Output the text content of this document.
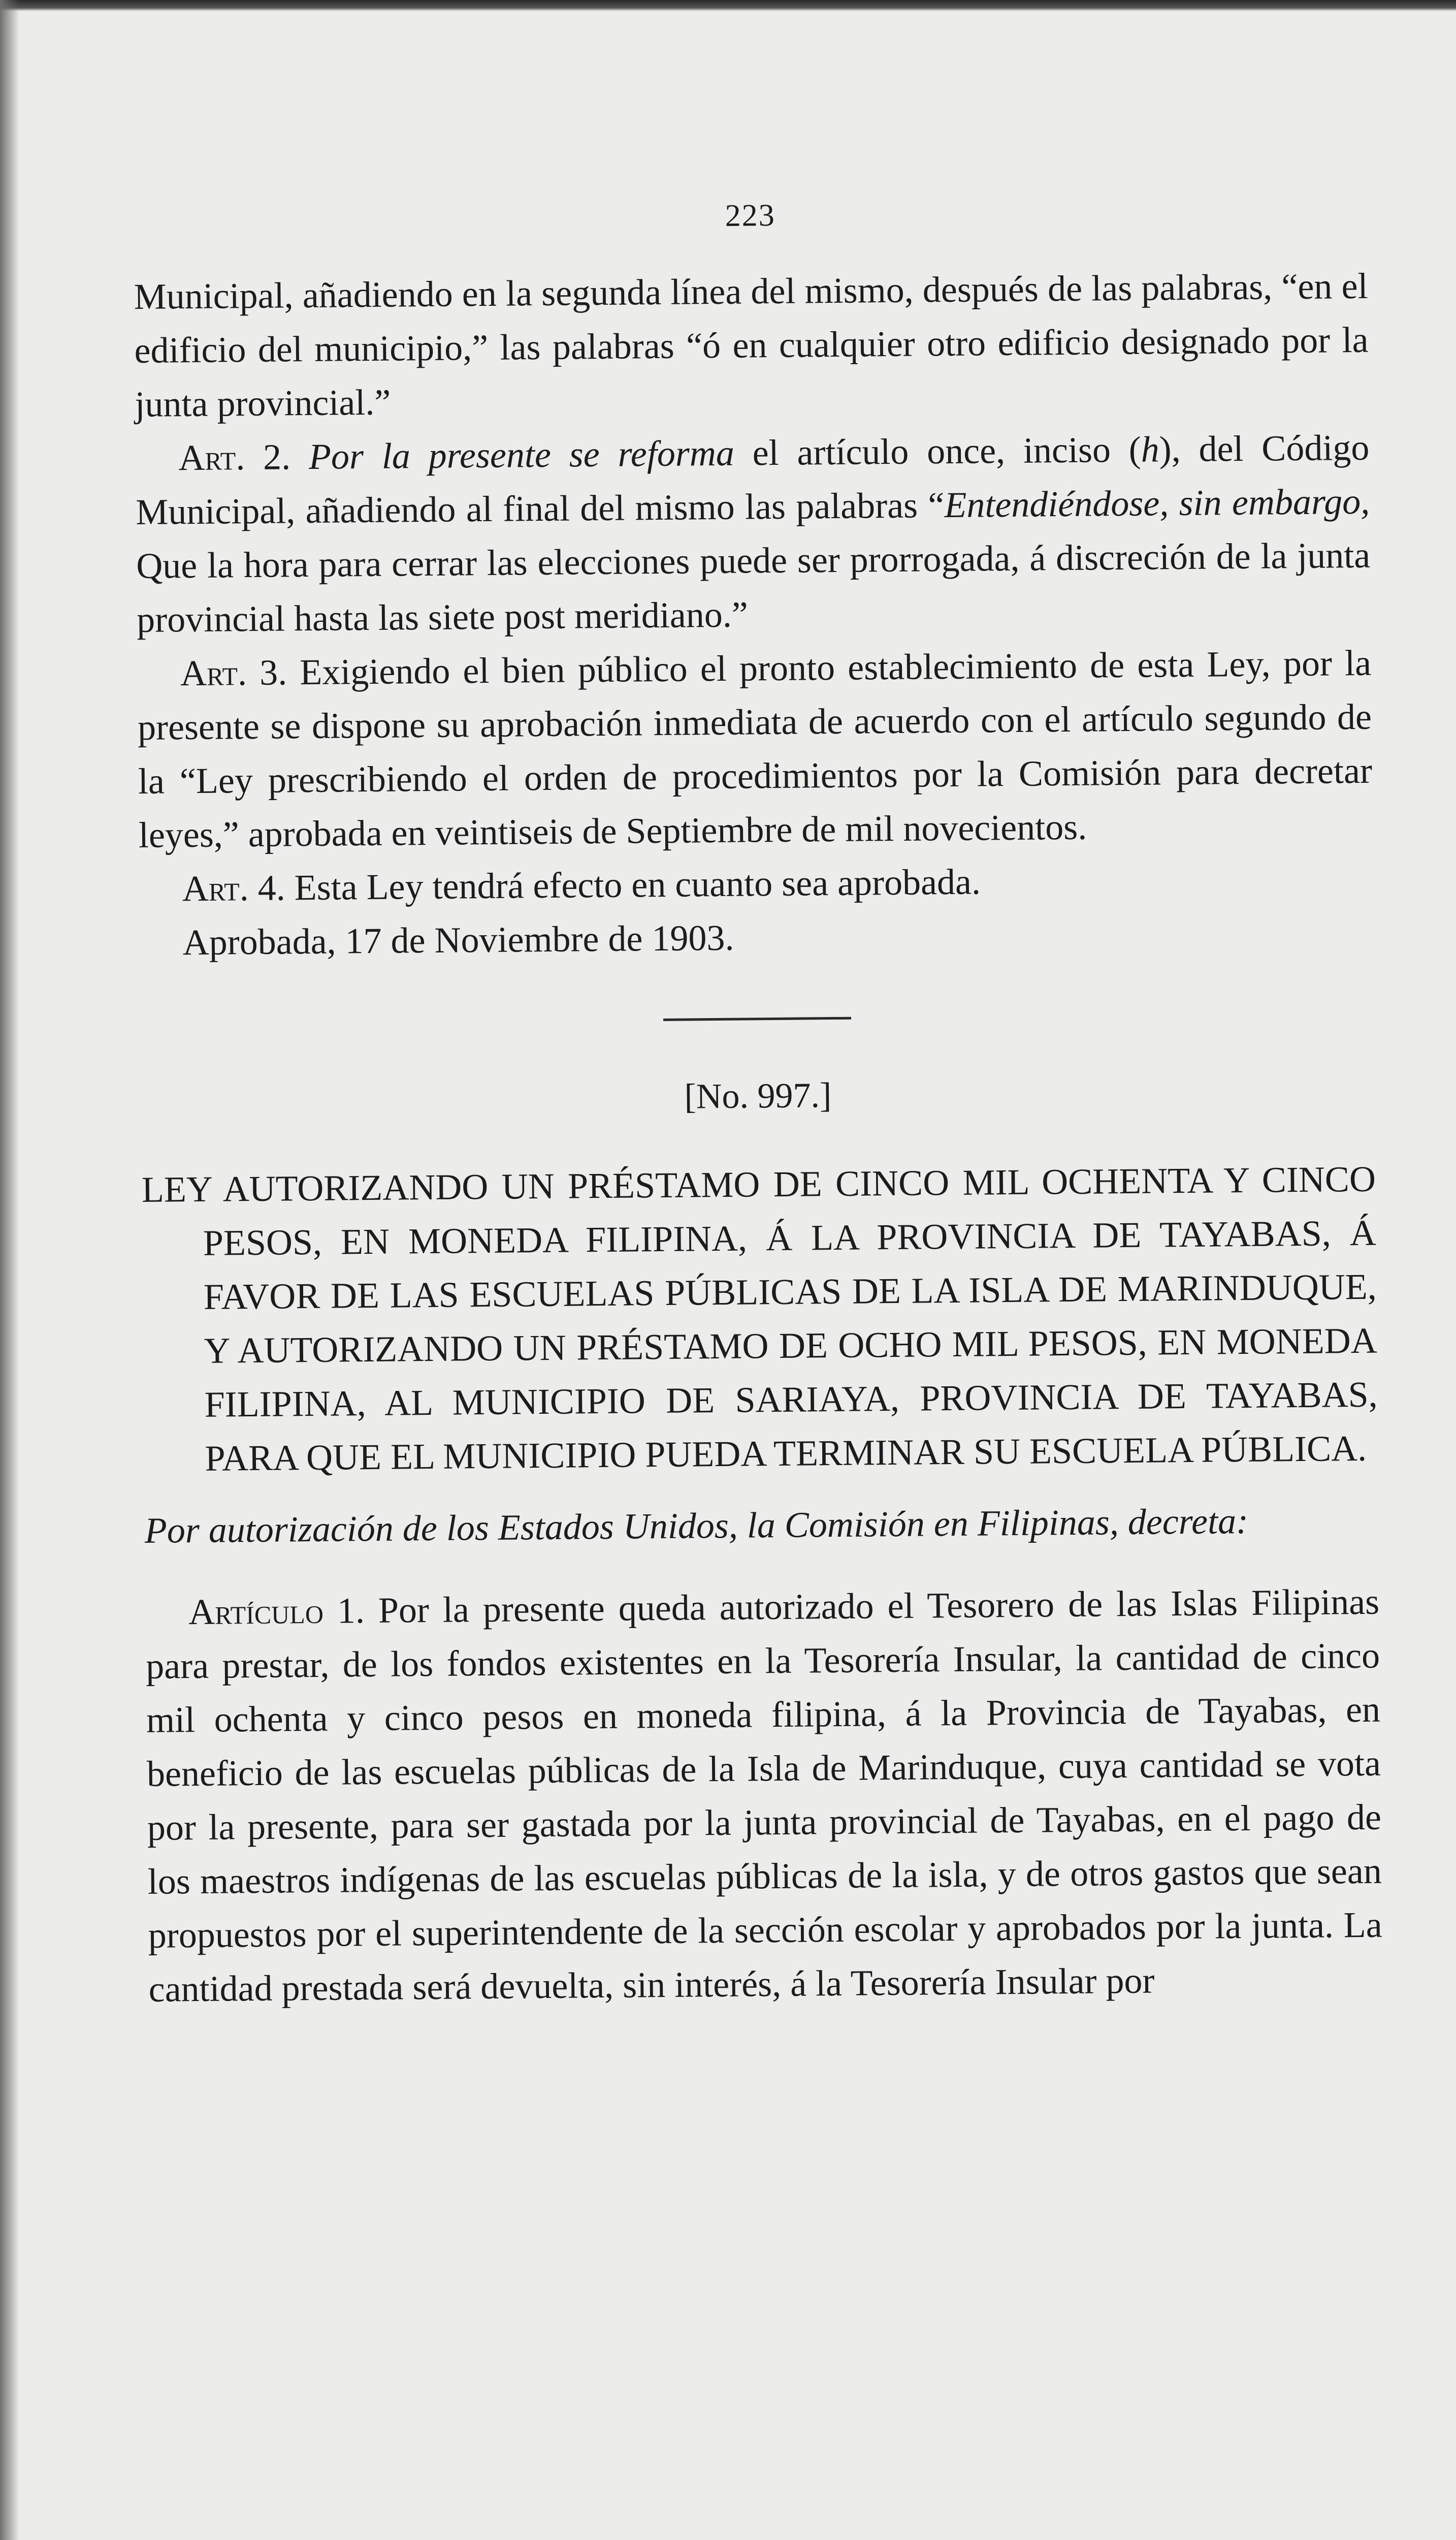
223

Municipal, añadiendo en la segunda línea del mismo, después de las palabras, “en el edificio del municipio,” las palabras “ó en cualquier otro edificio designado por la junta provincial.”

Art. 2. Por la presente se reforma el artículo once, inciso (h), del Código Municipal, añadiendo al final del mismo las palabras “Entendiéndose, sin embargo, Que la hora para cerrar las elecciones puede ser prorrogada, á discreción de la junta provincial hasta las siete post meridiano.”

Art. 3. Exigiendo el bien público el pronto establecimiento de esta Ley, por la presente se dispone su aprobación inmediata de acuerdo con el artículo segundo de la “Ley prescribiendo el orden de procedimientos por la Comisión para decretar leyes,” aprobada en veintiseis de Septiembre de mil novecientos.

Art. 4. Esta Ley tendrá efecto en cuanto sea aprobada.

Aprobada, 17 de Noviembre de 1903.

[No. 997.]

LEY AUTORIZANDO UN PRÉSTAMO DE CINCO MIL OCHENTA Y CINCO PESOS, EN MONEDA FILIPINA, Á LA PROVINCIA DE TAYABAS, Á FAVOR DE LAS ESCUELAS PÚBLICAS DE LA ISLA DE MARINDUQUE, Y AUTORIZANDO UN PRÉSTAMO DE OCHO MIL PESOS, EN MONEDA FILIPINA, AL MUNICIPIO DE SARIAYA, PROVINCIA DE TAYABAS, PARA QUE EL MUNICIPIO PUEDA TERMINAR SU ESCUELA PÚBLICA.

Por autorización de los Estados Unidos, la Comisión en Filipinas, decreta:

Artículo 1. Por la presente queda autorizado el Tesorero de las Islas Filipinas para prestar, de los fondos existentes en la Tesorería Insular, la cantidad de cinco mil ochenta y cinco pesos en moneda filipina, á la Provincia de Tayabas, en beneficio de las escuelas públicas de la Isla de Marinduque, cuya cantidad se vota por la presente, para ser gastada por la junta provincial de Tayabas, en el pago de los maestros indígenas de las escuelas públicas de la isla, y de otros gastos que sean propuestos por el superintendente de la sección escolar y aprobados por la junta. La cantidad prestada será devuelta, sin interés, á la Tesorería Insular por
